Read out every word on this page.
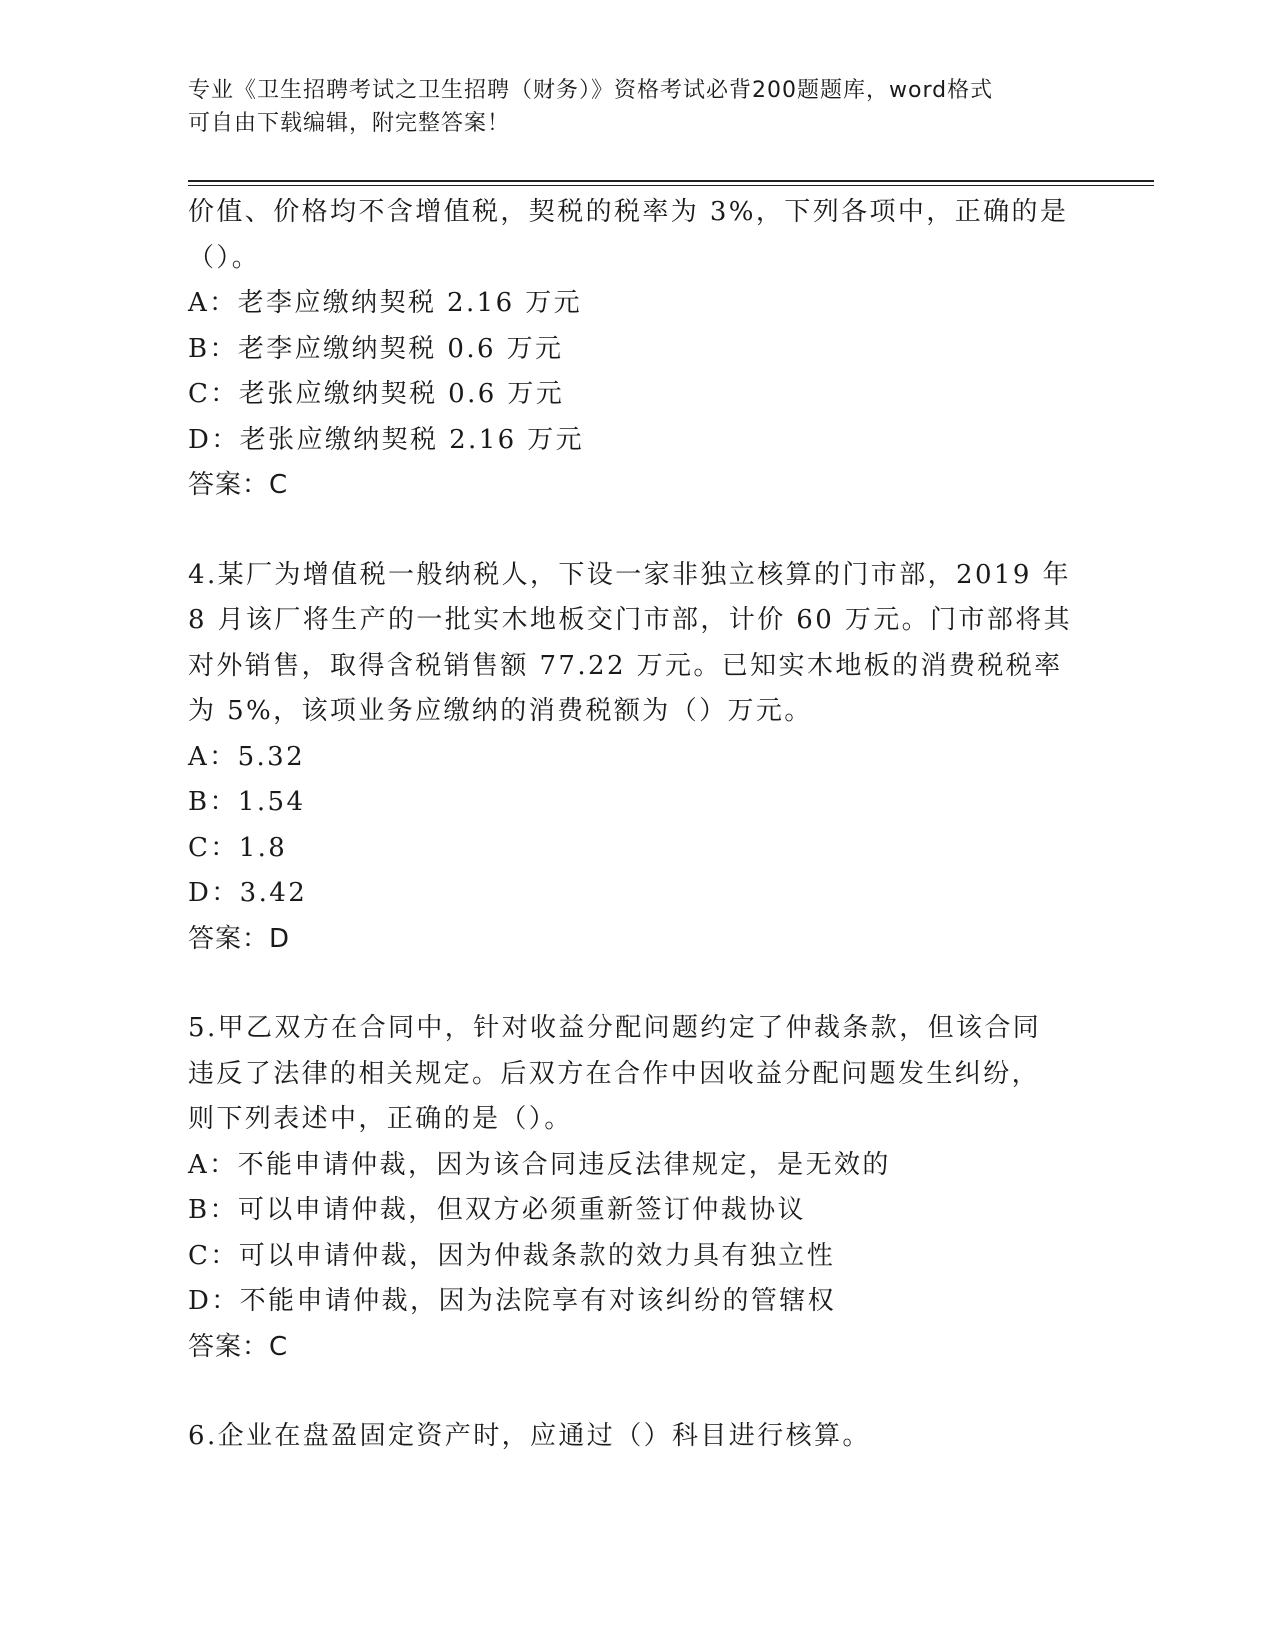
专业《卫生招聘考试之卫生招聘（财务）》资格考试必背200题题库，word格式
可自由下载编辑，附完整答案！
价值、价格均不含增值税，契税的税率为 3%，下列各项中，正确的是
（）。
A：老李应缴纳契税 2.16 万元
B：老李应缴纳契税 0.6 万元
C：老张应缴纳契税 0.6 万元
D：老张应缴纳契税 2.16 万元
答案：C
4.某厂为增值税一般纳税人，下设一家非独立核算的门市部，2019 年
8 月该厂将生产的一批实木地板交门市部，计价 60 万元。门市部将其
对外销售，取得含税销售额 77.22 万元。已知实木地板的消费税税率
为 5%，该项业务应缴纳的消费税额为（）万元。
A：5.32
B：1.54
C：1.8
D：3.42
答案：D
5.甲乙双方在合同中，针对收益分配问题约定了仲裁条款，但该合同
违反了法律的相关规定。后双方在合作中因收益分配问题发生纠纷，
则下列表述中，正确的是（）。
A：不能申请仲裁，因为该合同违反法律规定，是无效的
B：可以申请仲裁，但双方必须重新签订仲裁协议
C：可以申请仲裁，因为仲裁条款的效力具有独立性
D：不能申请仲裁，因为法院享有对该纠纷的管辖权
答案：C
6.企业在盘盈固定资产时，应通过（）科目进行核算。
